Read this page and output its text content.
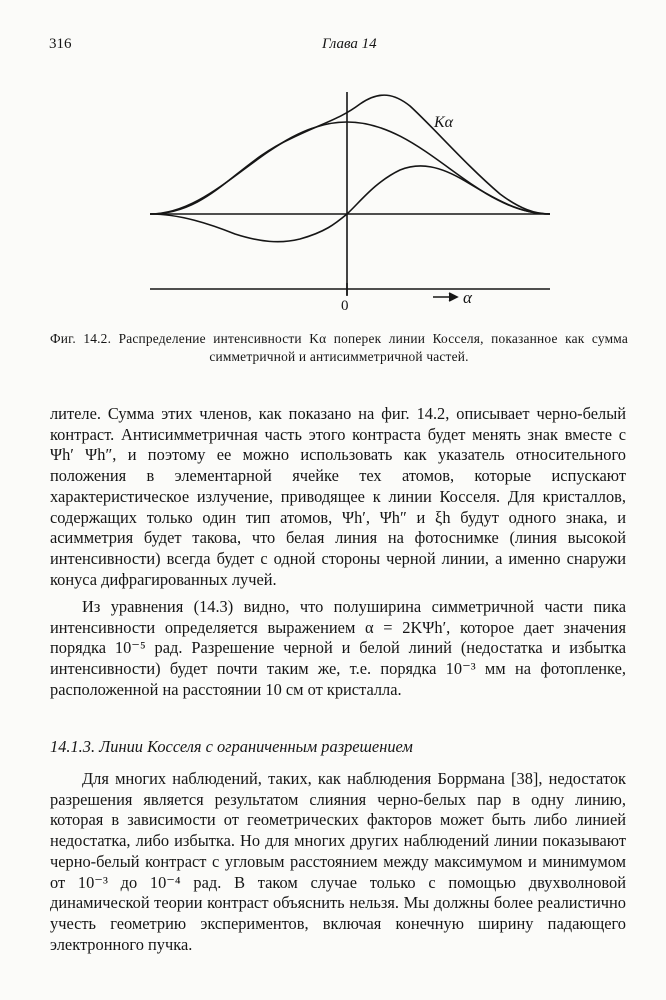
316	Глава 14
Kα
0	α
Фиг. 14.2. Распределение интенсивности Kα поперек линии Косселя, показанное как сумма симметричной и антисимметричной частей.

лителе. Сумма этих членов, как показано на фиг. 14.2, описывает черно-белый контраст. Антисимметричная часть этого контраста будет менять знак вместе с Ψh′ Ψh″, и поэтому ее можно использовать как указатель относительного положения в элементарной ячейке тех атомов, которые испускают характеристическое излучение, приводящее к линии Косселя. Для кристаллов, содержащих только один тип атомов, Ψh′, Ψh″ и ξh будут одного знака, и асимметрия будет такова, что белая линия на фотоснимке (линия высокой интенсивности) всегда будет с одной стороны черной линии, а именно снаружи конуса дифрагированных лучей.

Из уравнения (14.3) видно, что полуширина симметричной части пика интенсивности определяется выражением α = 2KΨh′, которое дает значения порядка 10⁻⁵ рад. Разрешение черной и белой линий (недостатка и избытка интенсивности) будет почти таким же, т.е. порядка 10⁻³ мм на фотопленке, расположенной на расстоянии 10 см от кристалла.

14.1.3. Линии Косселя с ограниченным разрешением

Для многих наблюдений, таких, как наблюдения Боррмана [38], недостаток разрешения является результатом слияния черно-белых пар в одну линию, которая в зависимости от геометрических факторов может быть либо линией недостатка, либо избытка. Но для многих других наблюдений линии показывают черно-белый контраст с угловым расстоянием между максимумом и минимумом от 10⁻³ до 10⁻⁴ рад. В таком случае только с помощью двухволновой динамической теории контраст объяснить нельзя. Мы должны более реалистично учесть геометрию экспериментов, включая конечную ширину падающего электронного пучка.
